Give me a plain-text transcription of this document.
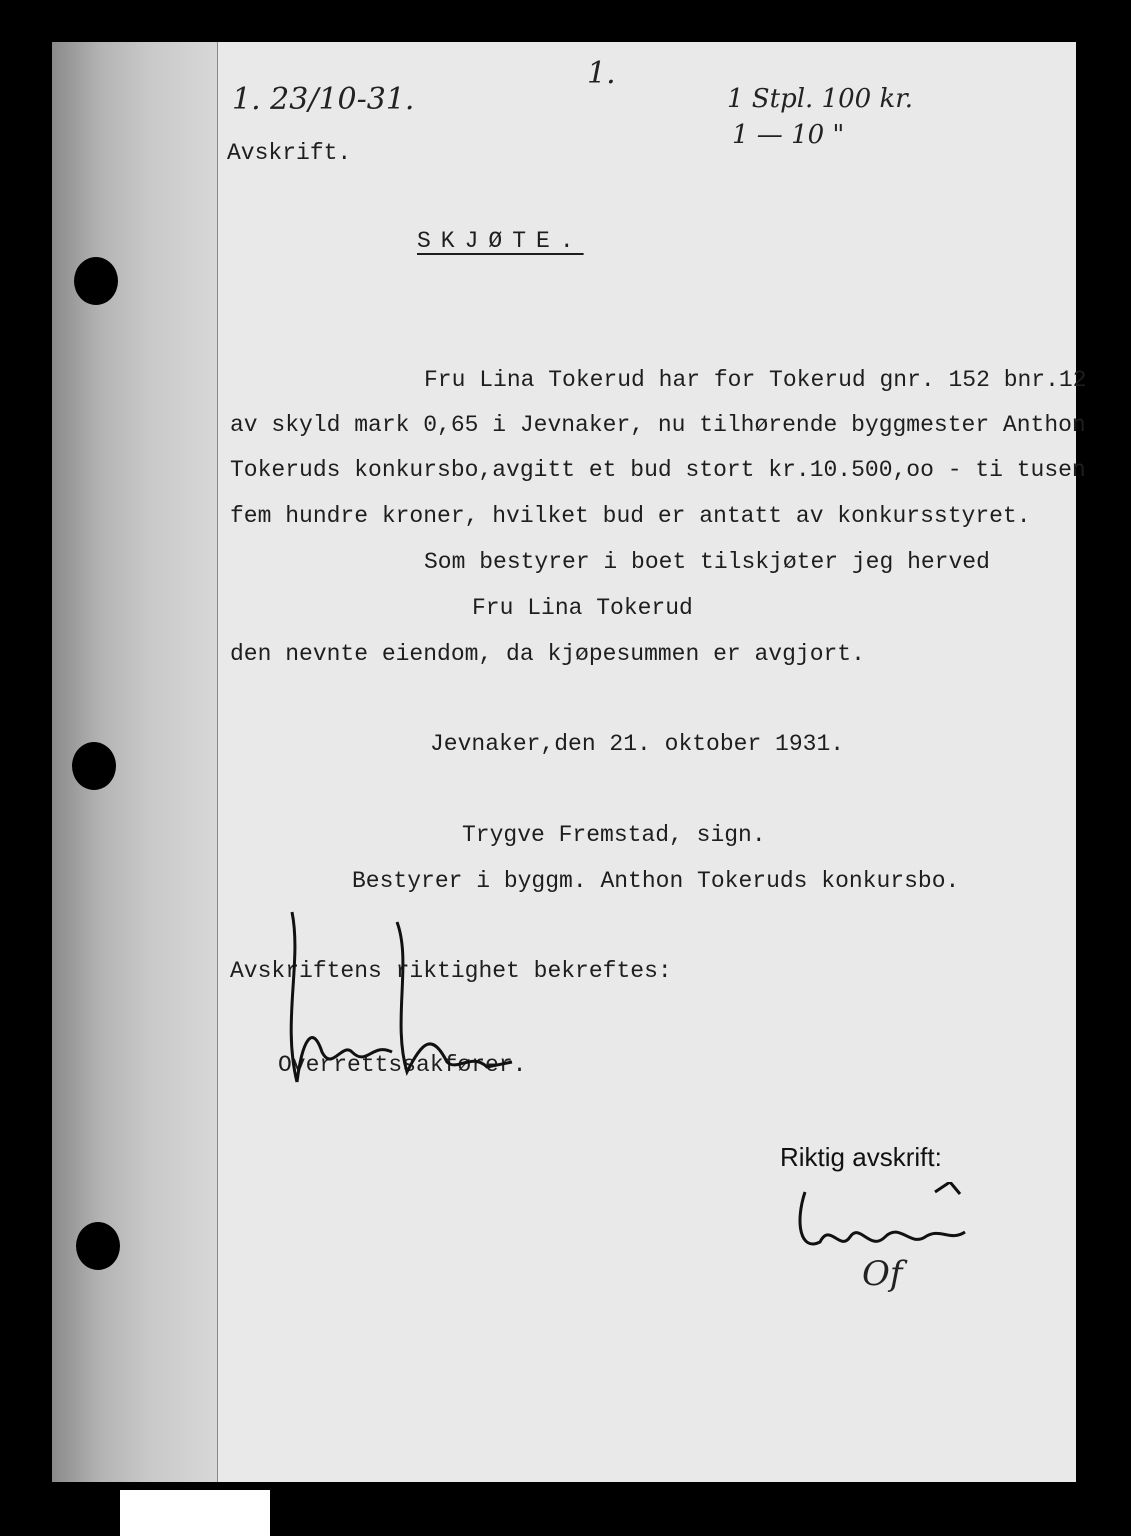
1. 23/10-31.
1.
1 Stpl. 100 kr.
1 — 10 "
Avskrift.
SKJØTE.
Fru Lina Tokerud har for Tokerud gnr. 152 bnr.12
av skyld mark 0,65 i Jevnaker, nu tilhørende byggmester Anthon
Tokeruds konkursbo,avgitt et bud stort kr.10.500,oo - ti tusen
fem hundre kroner, hvilket bud er antatt av konkursstyret.
Som bestyrer i boet tilskjøter jeg herved
Fru Lina Tokerud
den nevnte eiendom, da kjøpesummen er avgjort.
Jevnaker,den 21. oktober 1931.
Trygve Fremstad, sign.
Bestyrer i byggm. Anthon Tokeruds konkursbo.
Avskriftens riktighet bekreftes:
Overrettssakfører.
Riktig avskrift:
Of
